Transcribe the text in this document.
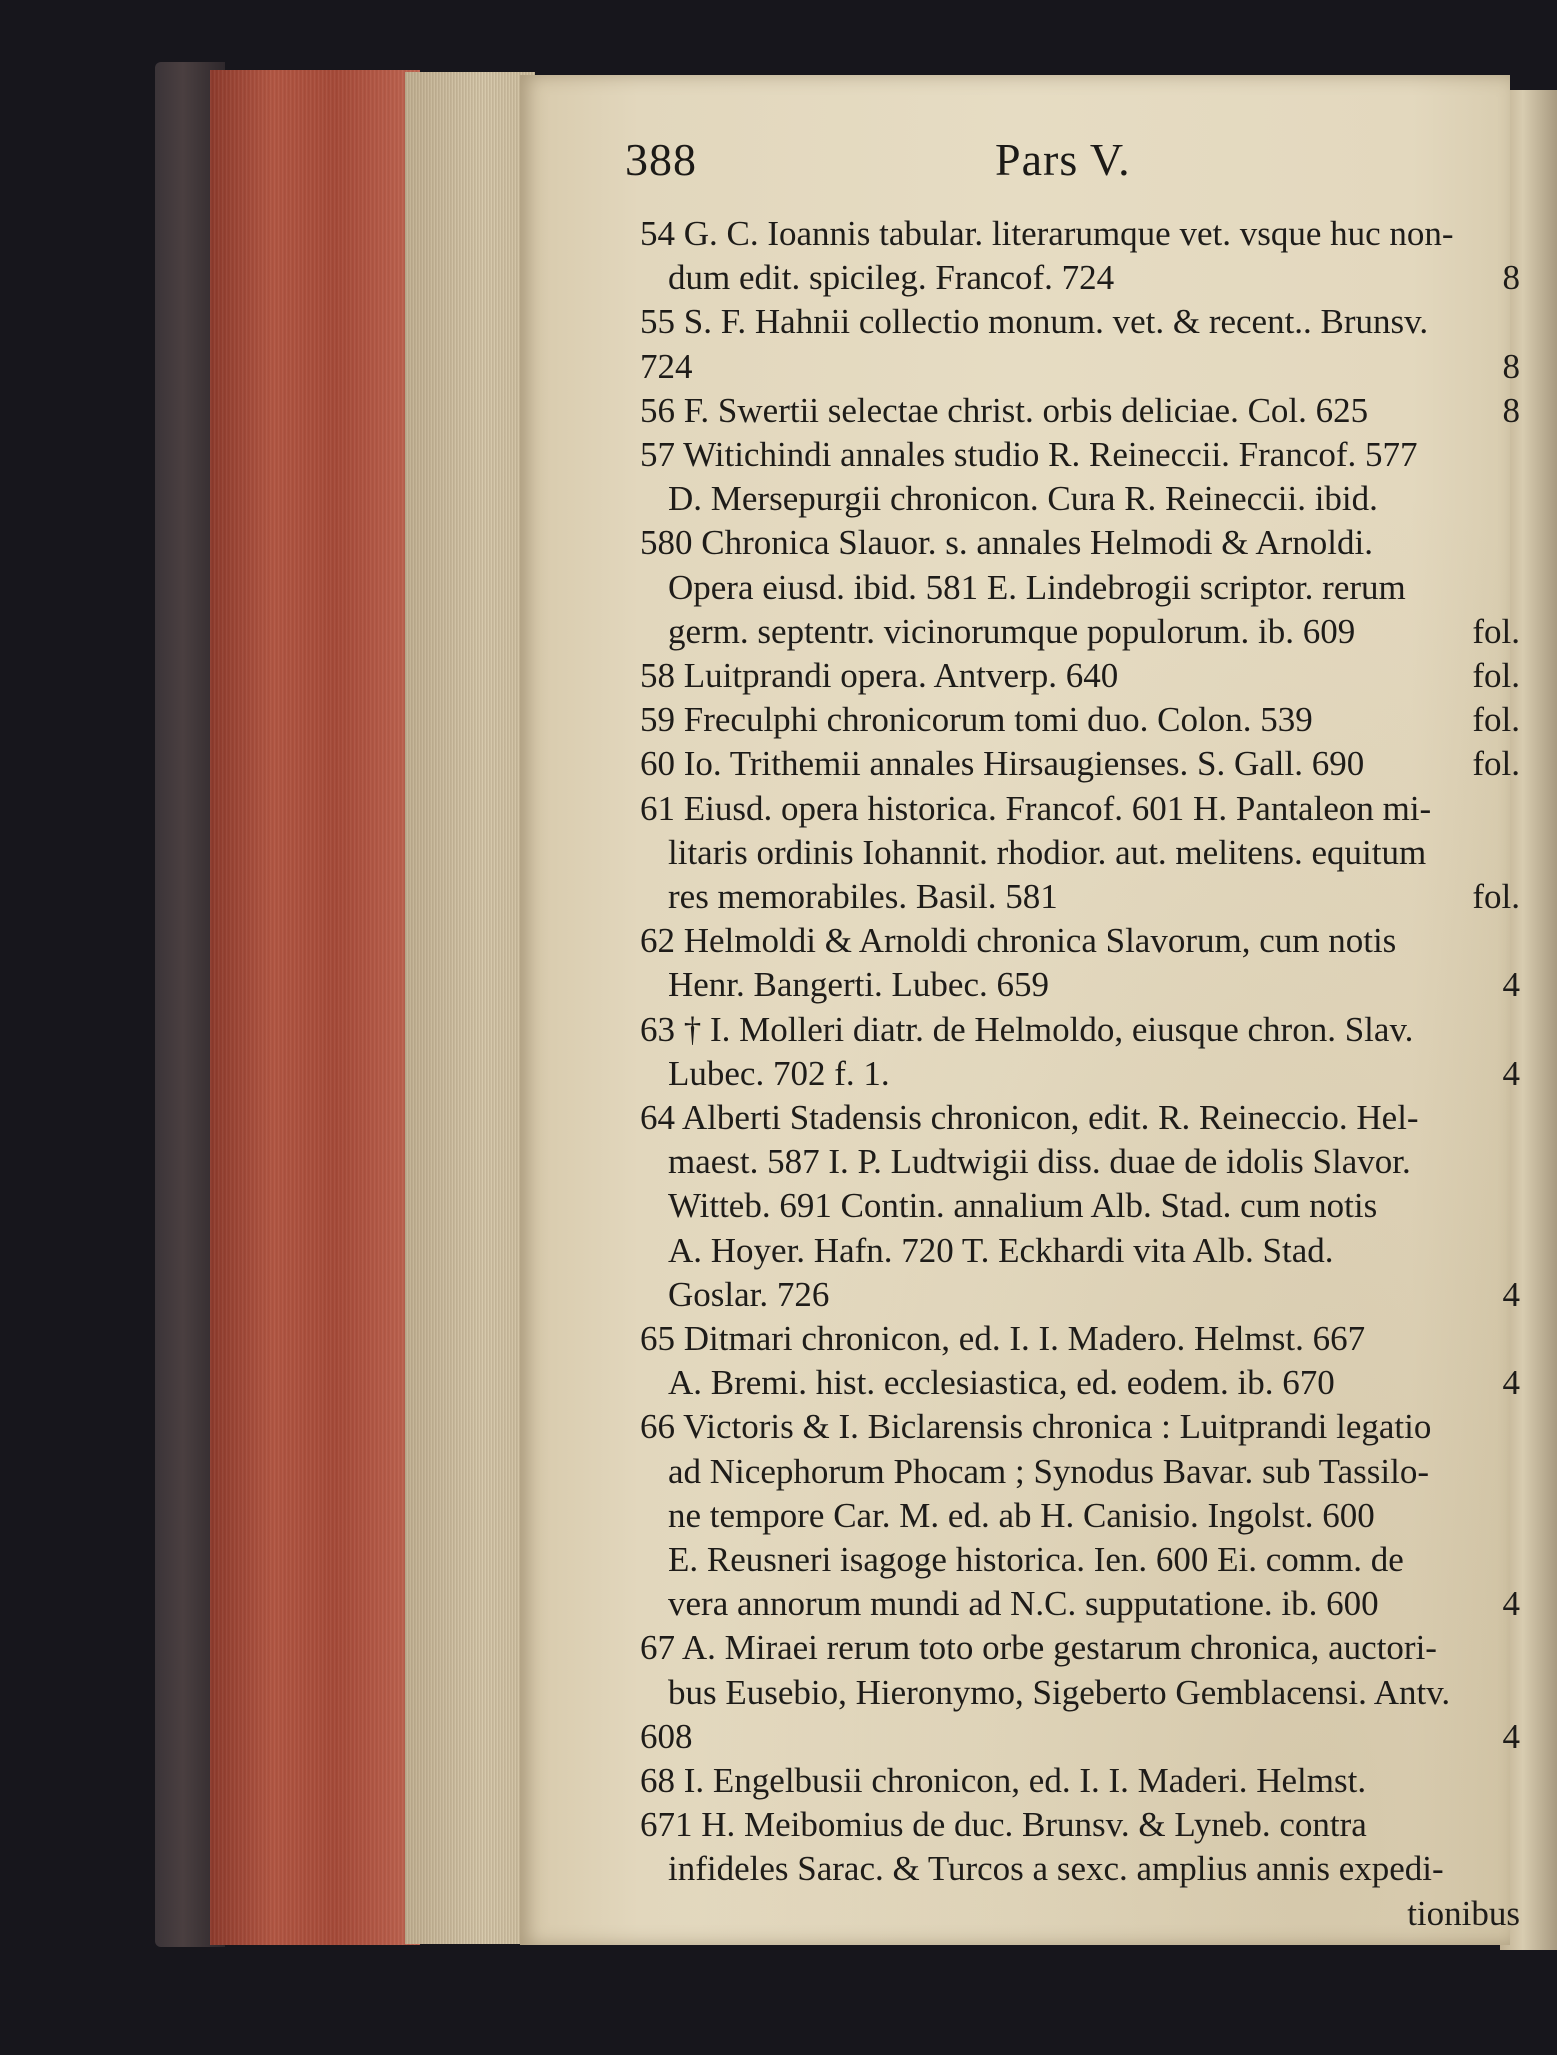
388	Pars V.
54 G. C. Ioannis tabular. literarumque vet. vsque huc non-
dum edit. spicileg. Francof. 724	8
55 S. F. Hahnii collectio monum. vet. & recent.. Brunsv.
724	8
56 F. Swertii selectae christ. orbis deliciae. Col. 625	8
57 Witichindi annales studio R. Reineccii. Francof. 577
D. Mersepurgii chronicon. Cura R. Reineccii. ibid.
580 Chronica Slauor. s. annales Helmodi & Arnoldi.
Opera eiusd. ibid. 581 E. Lindebrogii scriptor. rerum
germ. septentr. vicinorumque populorum. ib. 609	fol.
58 Luitprandi opera. Antverp. 640	fol.
59 Freculphi chronicorum tomi duo. Colon. 539	fol.
60 Io. Trithemii annales Hirsaugienses. S. Gall. 690	fol.
61 Eiusd. opera historica. Francof. 601 H. Pantaleon mi-
litaris ordinis Iohannit. rhodior. aut. melitens. equitum
res memorabiles. Basil. 581	fol.
62 Helmoldi & Arnoldi chronica Slavorum, cum notis
Henr. Bangerti. Lubec. 659	4
63 † I. Molleri diatr. de Helmoldo, eiusque chron. Slav.
Lubec. 702 f. 1.	4
64 Alberti Stadensis chronicon, edit. R. Reineccio. Hel-
maest. 587 I. P. Ludtwigii diss. duae de idolis Slavor.
Witteb. 691 Contin. annalium Alb. Stad. cum notis
A. Hoyer. Hafn. 720 T. Eckhardi vita Alb. Stad.
Goslar. 726	4
65 Ditmari chronicon, ed. I. I. Madero. Helmst. 667
A. Bremi. hist. ecclesiastica, ed. eodem. ib. 670	4
66 Victoris & I. Biclarensis chronica : Luitprandi legatio
ad Nicephorum Phocam ; Synodus Bavar. sub Tassilo-
ne tempore Car. M. ed. ab H. Canisio. Ingolst. 600
E. Reusneri isagoge historica. Ien. 600 Ei. comm. de
vera annorum mundi ad N.C. supputatione. ib. 600	4
67 A. Miraei rerum toto orbe gestarum chronica, auctori-
bus Eusebio, Hieronymo, Sigeberto Gemblacensi. Antv.
608	4
68 I. Engelbusii chronicon, ed. I. I. Maderi. Helmst.
671 H. Meibomius de duc. Brunsv. & Lyneb. contra
infideles Sarac. & Turcos a sexc. amplius annis expedi-
tionibus
